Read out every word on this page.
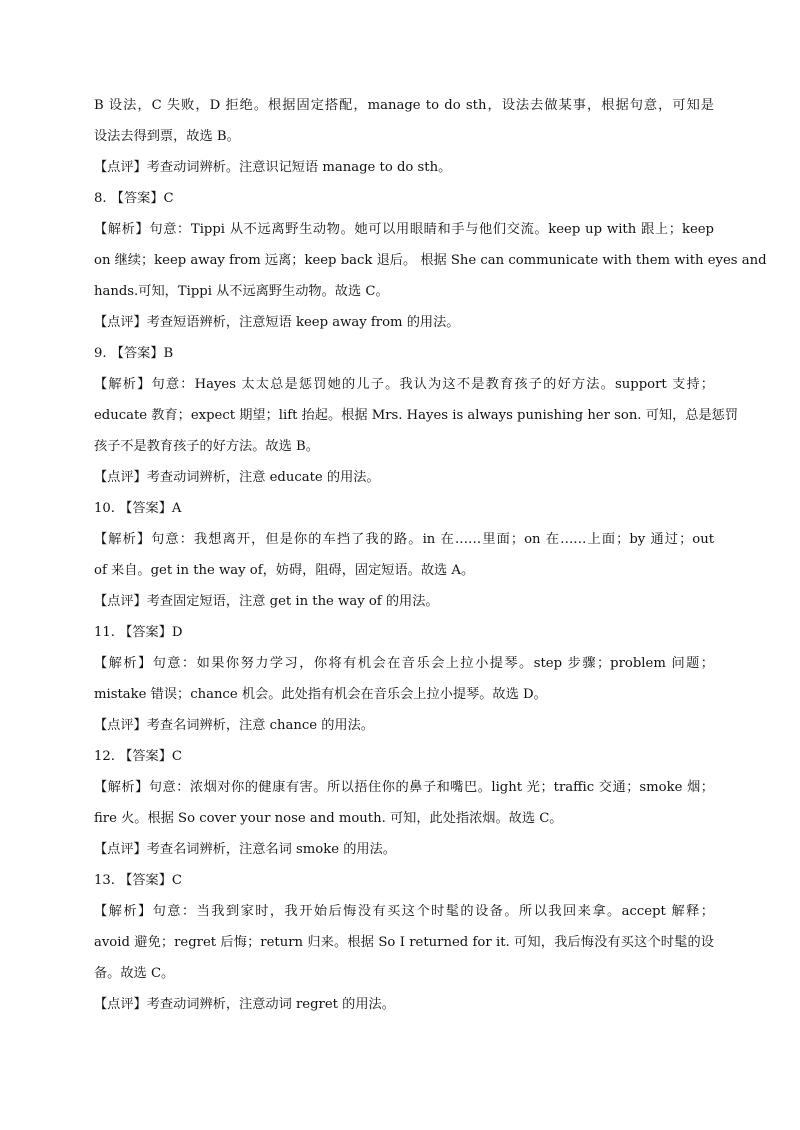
B 设法，C 失败，D 拒绝。根据固定搭配，manage to do sth，设法去做某事，根据句意，可知是
设法去得到票，故选 B。
【点评】考查动词辨析。注意识记短语 manage to do sth。
8. 【答案】C
【解析】句意：Tippi 从不远离野生动物。她可以用眼睛和手与他们交流。keep up with 跟上；keep
on 继续；keep away from 远离；keep back 退后。 根据 She can communicate with them with eyes and
hands.可知，Tippi 从不远离野生动物。故选 C。
【点评】考查短语辨析，注意短语 keep away from 的用法。
9. 【答案】B
【解析】句意：Hayes 太太总是惩罚她的儿子。我认为这不是教育孩子的好方法。support 支持；
educate 教育；expect 期望；lift 抬起。根据 Mrs. Hayes is always punishing her son. 可知，总是惩罚
孩子不是教育孩子的好方法。故选 B。
【点评】考查动词辨析，注意 educate 的用法。
10. 【答案】A
【解析】句意：我想离开，但是你的车挡了我的路。in 在……里面；on 在……上面；by 通过；out
of 来自。get in the way of，妨碍，阻碍，固定短语。故选 A。
【点评】考查固定短语，注意 get in the way of 的用法。
11. 【答案】D
【解析】句意：如果你努力学习，你将有机会在音乐会上拉小提琴。step 步骤；problem 问题；
mistake 错误；chance 机会。此处指有机会在音乐会上拉小提琴。故选 D。
【点评】考查名词辨析，注意 chance 的用法。
12. 【答案】C
【解析】句意：浓烟对你的健康有害。所以捂住你的鼻子和嘴巴。light 光；traffic 交通；smoke 烟；
fire 火。根据 So cover your nose and mouth. 可知，此处指浓烟。故选 C。
【点评】考查名词辨析，注意名词 smoke 的用法。
13. 【答案】C
【解析】句意：当我到家时，我开始后悔没有买这个时髦的设备。所以我回来拿。accept 解释；
avoid 避免；regret 后悔；return 归来。根据 So I returned for it. 可知，我后悔没有买这个时髦的设
备。故选 C。
【点评】考查动词辨析，注意动词 regret 的用法。
